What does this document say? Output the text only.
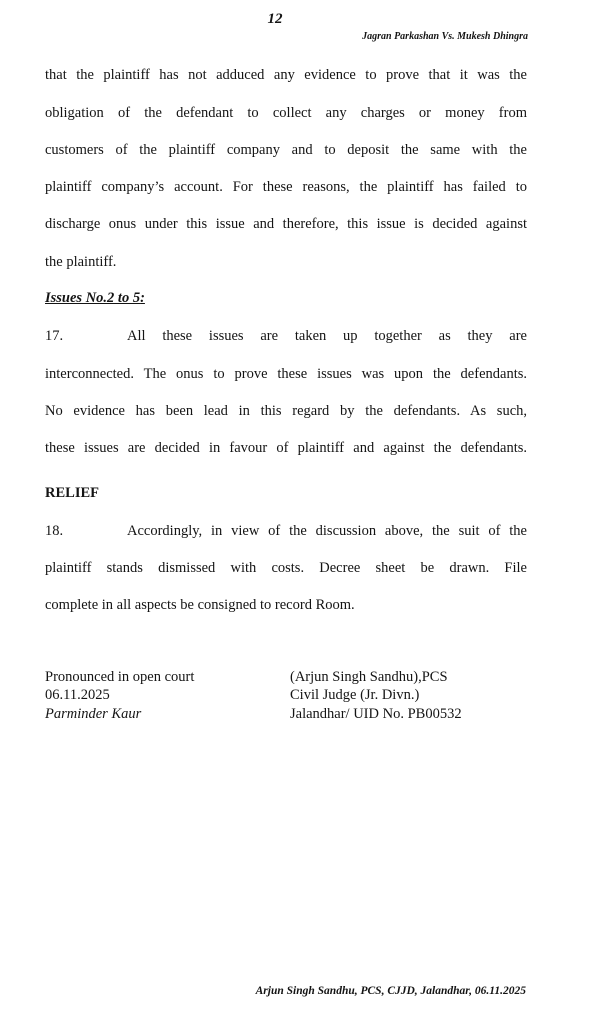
12
Jagran Parkashan Vs. Mukesh Dhingra
that the plaintiff has not adduced any evidence to prove that it was the
obligation of the defendant to collect any charges or money from
customers of the plaintiff company and to deposit the same with the
plaintiff company’s account. For these reasons, the plaintiff has failed to
discharge onus under this issue and therefore, this issue is decided against
the plaintiff.
Issues No.2 to 5:
17.	All these issues are taken up together as they are
interconnected. The onus to prove these issues was upon the defendants.
No evidence has been lead in this regard by the defendants. As such,
these issues are decided in favour of plaintiff and against the defendants.
RELIEF
18.	Accordingly, in view of the discussion above, the suit of the
plaintiff stands dismissed with costs. Decree sheet be drawn. File
complete in all aspects be consigned to record Room.
Pronounced in open court
06.11.2025
Parminder Kaur
(Arjun Singh Sandhu),PCS
Civil Judge (Jr. Divn.)
Jalandhar/ UID No. PB00532
Arjun Singh Sandhu, PCS, CJJD, Jalandhar, 06.11.2025
